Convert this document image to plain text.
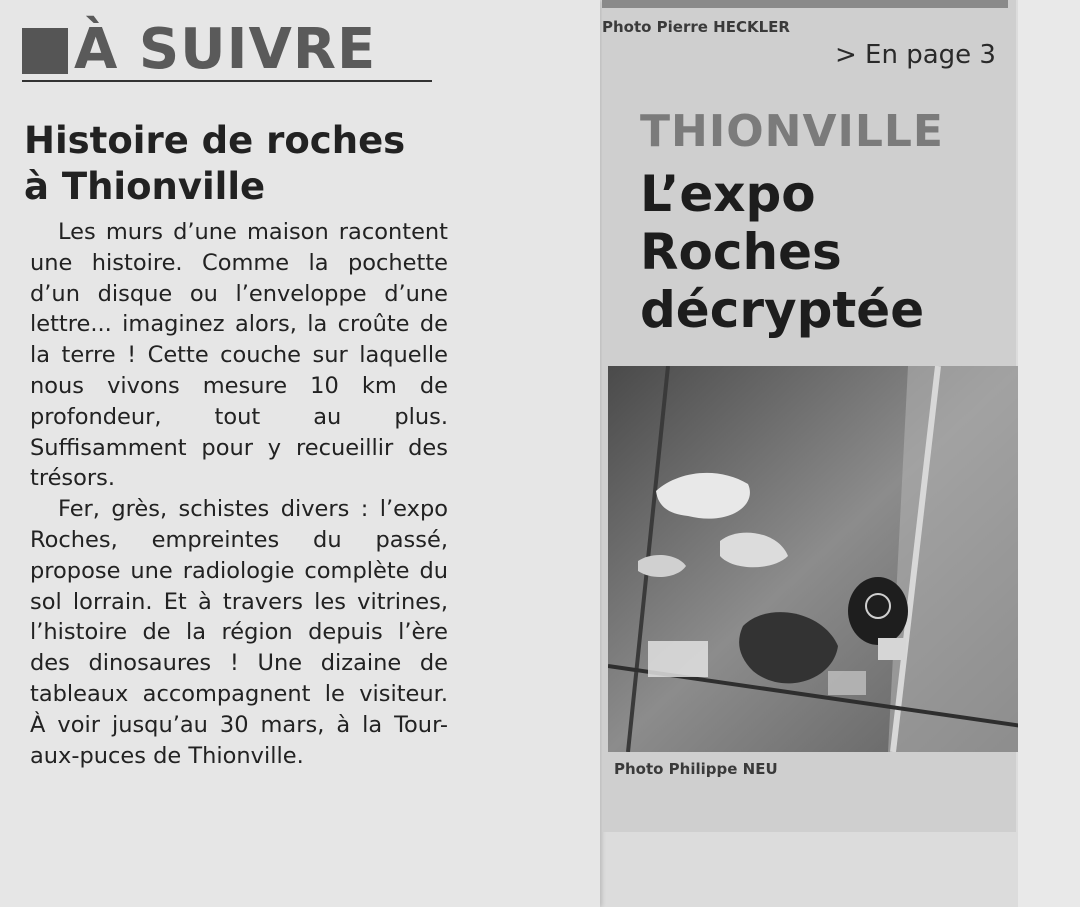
À SUIVRE
Histoire de roches
à Thionville

Les murs d’une maison racontent une histoire. Comme la pochette d’un disque ou l’enveloppe d’une lettre... imaginez alors, la croûte de la terre ! Cette couche sur laquelle nous vivons mesure 10 km de profondeur, tout au plus. Suffisamment pour y recueillir des trésors.

Fer, grès, schistes divers : l’expo Roches, empreintes du passé, propose une radiologie complète du sol lorrain. Et à travers les vitrines, l’histoire de la région depuis l’ère des dinosaures ! Une dizaine de tableaux accompagnent le visiteur. À voir jusqu’au 30 mars, à la Tour-aux-puces de Thionville.

Photo Pierre HECKLER
> En page 3
THIONVILLE
L’expo
Roches
décryptée
Photo Philippe NEU
